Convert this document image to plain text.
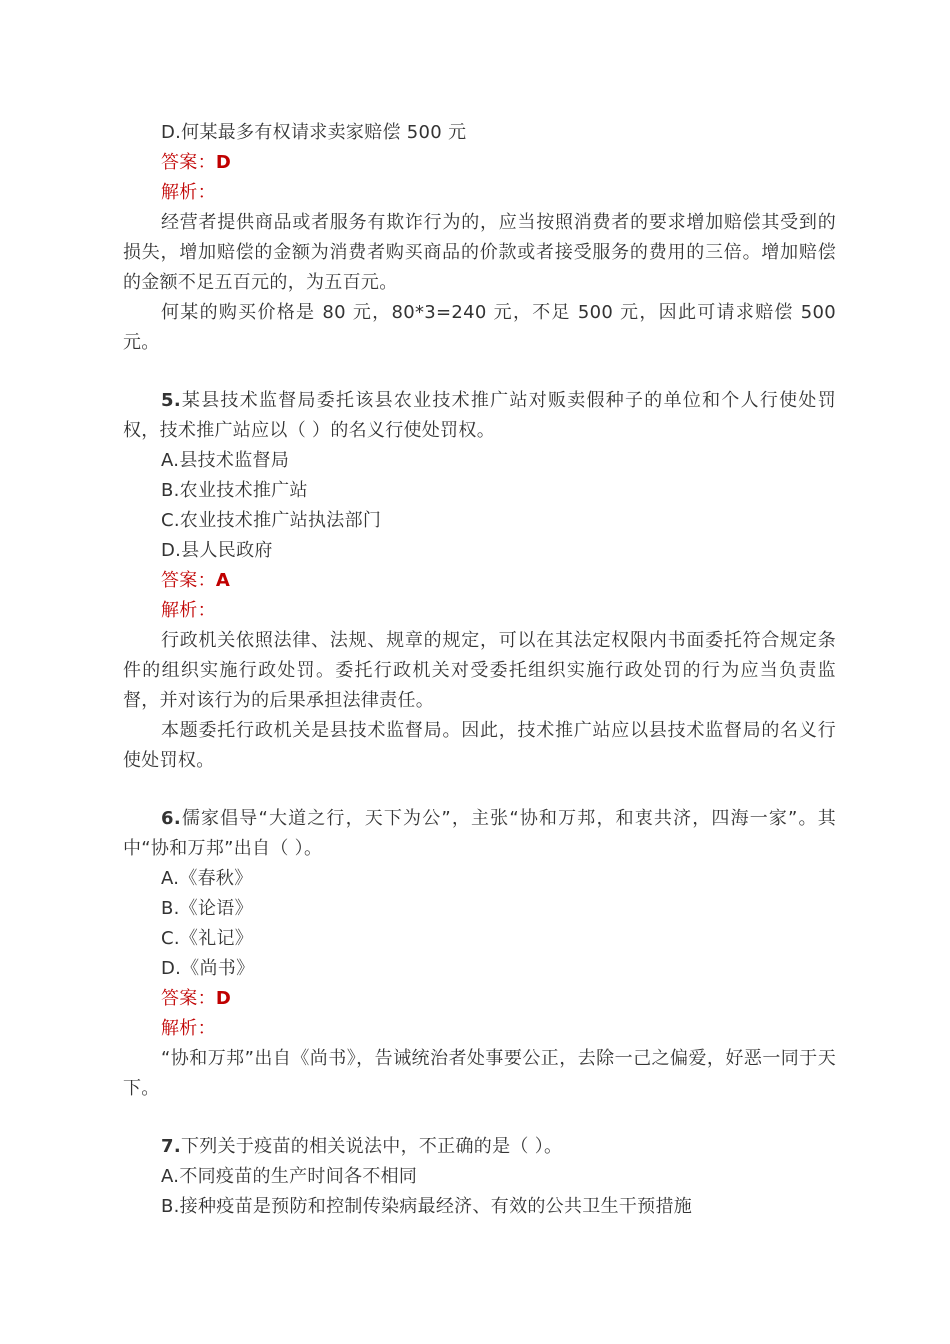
D.何某最多有权请求卖家赔偿 500 元

答案：D

解析：

经营者提供商品或者服务有欺诈行为的，应当按照消费者的要求增加赔偿其受到的损失，增加赔偿的金额为消费者购买商品的价款或者接受服务的费用的三倍。增加赔偿的金额不足五百元的，为五百元。

何某的购买价格是 80 元，80*3=240 元，不足 500 元，因此可请求赔偿 500 元。

5.某县技术监督局委托该县农业技术推广站对贩卖假种子的单位和个人行使处罚权，技术推广站应以（ ）的名义行使处罚权。

A.县技术监督局

B.农业技术推广站

C.农业技术推广站执法部门

D.县人民政府

答案：A

解析：

行政机关依照法律、法规、规章的规定，可以在其法定权限内书面委托符合规定条件的组织实施行政处罚。委托行政机关对受委托组织实施行政处罚的行为应当负责监督，并对该行为的后果承担法律责任。

本题委托行政机关是县技术监督局。因此，技术推广站应以县技术监督局的名义行使处罚权。

6.儒家倡导“大道之行，天下为公”，主张“协和万邦，和衷共济，四海一家”。其中“协和万邦”出自（ ）。

A.《春秋》

B.《论语》

C.《礼记》

D.《尚书》

答案：D

解析：

“协和万邦”出自《尚书》，告诫统治者处事要公正，去除一己之偏爱，好恶一同于天下。

7.下列关于疫苗的相关说法中，不正确的是（ ）。

A.不同疫苗的生产时间各不相同

B.接种疫苗是预防和控制传染病最经济、有效的公共卫生干预措施
